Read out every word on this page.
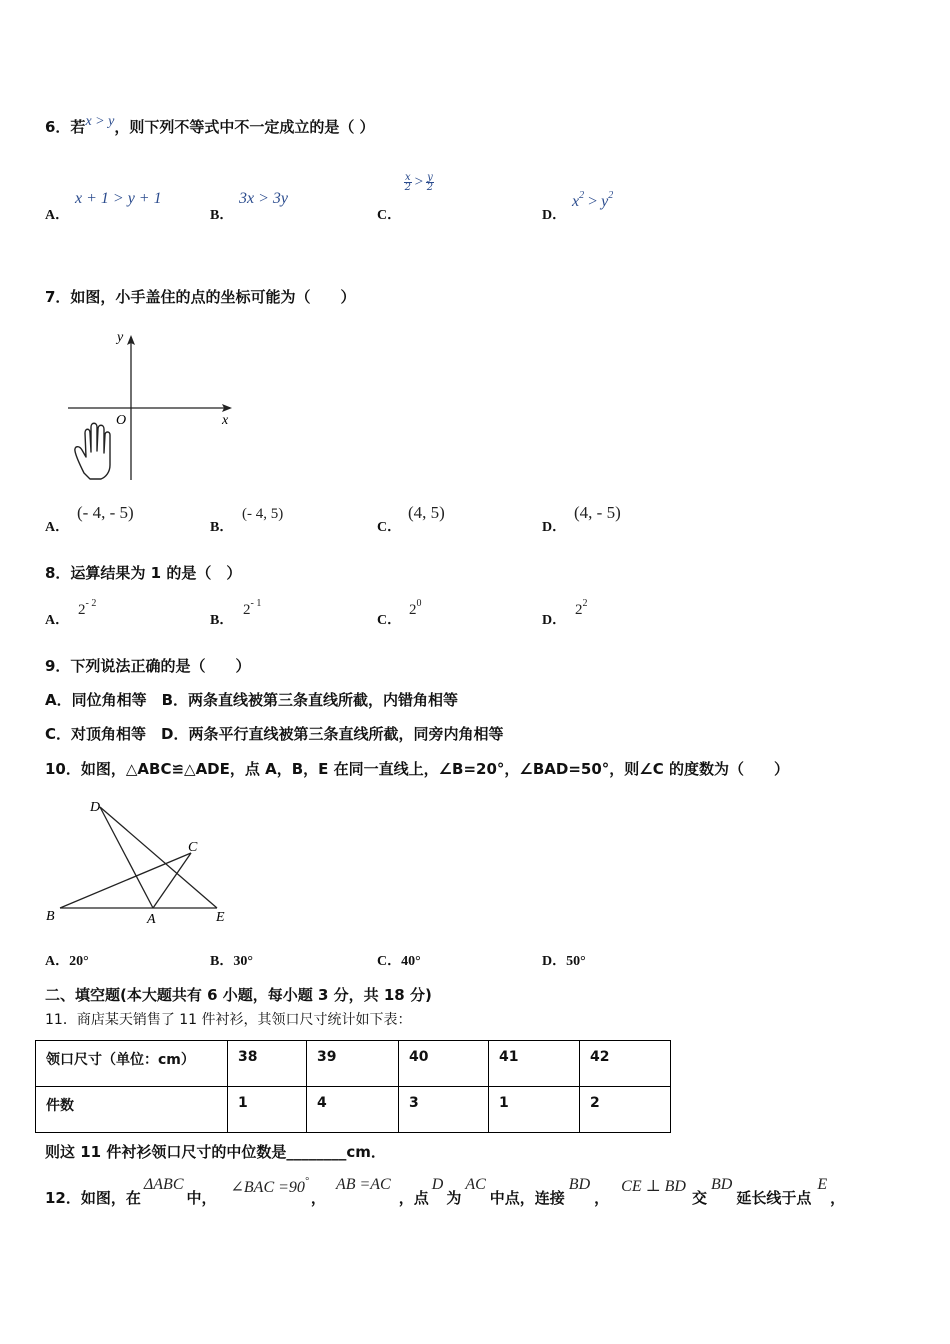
6．若x > y，则下列不等式中不一定成立的是（ ）
A．
x + 1 > y + 1
B．
3x > 3y
C．
$\frac{x}{2} > \frac{y}{2}$
D．
$x^2 > y^2$
7．如图，小手盖住的点的坐标可能为（　　）
y
x
O
A．
(- 4, - 5)
B．
(- 4, 5)
C．
(4, 5)
D．
(4, - 5)
8．运算结果为 1 的是（　）
A．
$2^{- 2}$
B．
$2^{- 1}$
C．
$2^0$
D．
$2^2$
9．下列说法正确的是（　　）
A．同位角相等　B．两条直线被第三条直线所截，内错角相等
C．对顶角相等　D．两条平行直线被第三条直线所截，同旁内角相等
10．如图，△ABC≌△ADE，点 A，B，E 在同一直线上，∠B=20°，∠BAD=50°，则∠C 的度数为（　　）
D
C
B	A	E
A．20°	B．30°	C．40°	D．50°
二、填空题(本大题共有 6 小题，每小题 3 分，共 18 分)
11．商店某天销售了 11 件衬衫，其领口尺寸统计如下表：
领口尺寸（单位：cm）	38	39	40	41	42
件数	1	4	3	1	2
则这 11 件衬衫领口尺寸的中位数是________cm．
12．如图，在
ΔABC
中，
∠BAC =90°
，
AB =AC
，点
D
为
AC
中点，连接
BD
，
CE ⊥ BD
交
BD
延长线于点
E
，
